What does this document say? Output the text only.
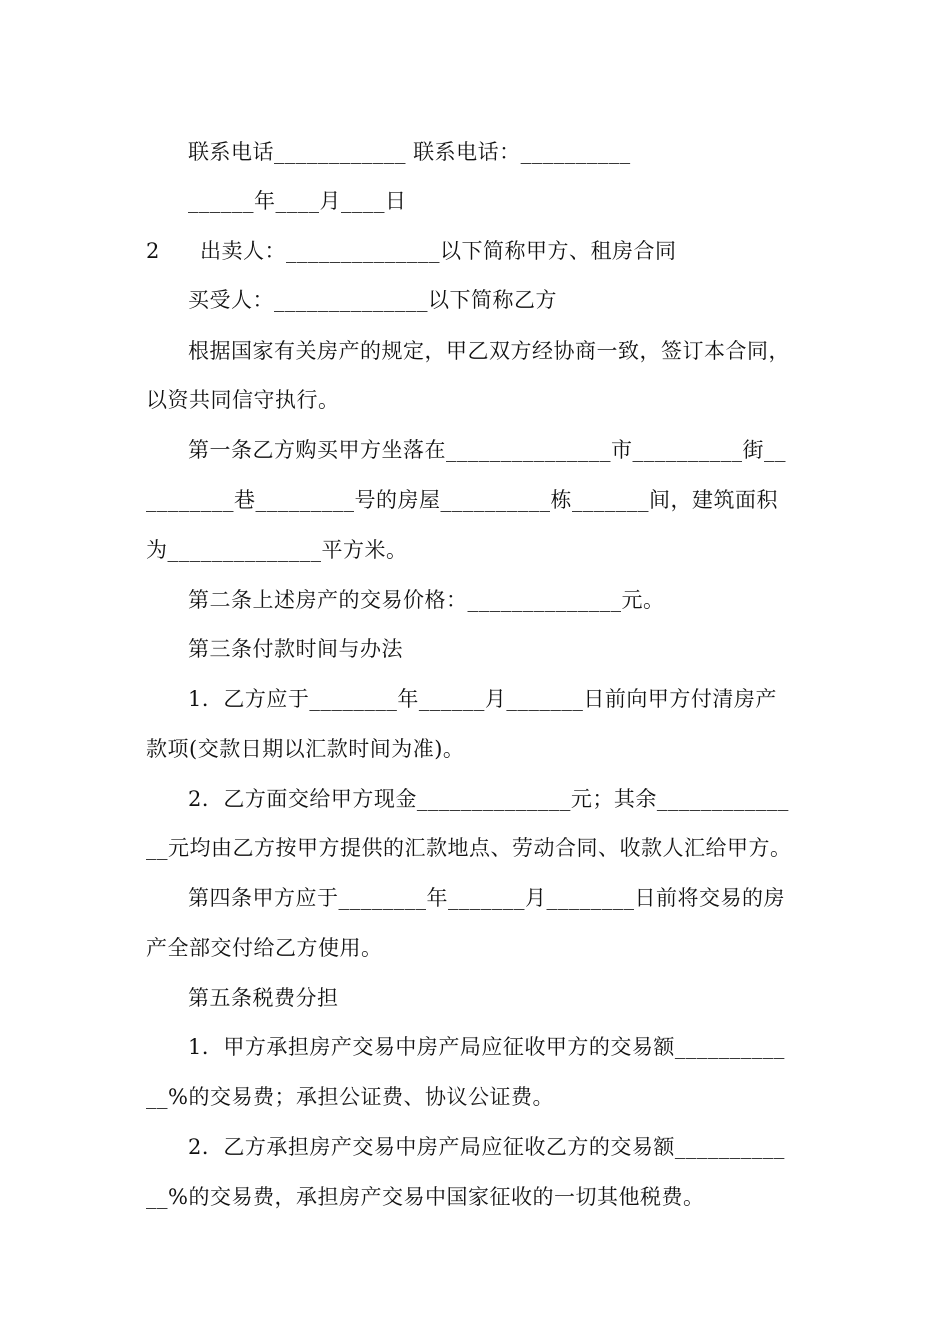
联系电话____________ 联系电话：__________
______年____月____日
2 出卖人：______________以下简称甲方、租房合同
买受人：______________以下简称乙方
根据国家有关房产的规定，甲乙双方经协商一致，签订本合同，
以资共同信守执行。
第一条乙方购买甲方坐落在_______________市__________街__
________巷_________号的房屋__________栋_______间，建筑面积
为______________平方米。
第二条上述房产的交易价格：______________元。
第三条付款时间与办法
1．乙方应于________年______月_______日前向甲方付清房产
款项(交款日期以汇款时间为准)。
2．乙方面交给甲方现金______________元；其余____________
__元均由乙方按甲方提供的汇款地点、劳动合同、收款人汇给甲方。
第四条甲方应于________年_______月________日前将交易的房
产全部交付给乙方使用。
第五条税费分担
1．甲方承担房产交易中房产局应征收甲方的交易额__________
__%的交易费；承担公证费、协议公证费。
2．乙方承担房产交易中房产局应征收乙方的交易额__________
__%的交易费，承担房产交易中国家征收的一切其他税费。
